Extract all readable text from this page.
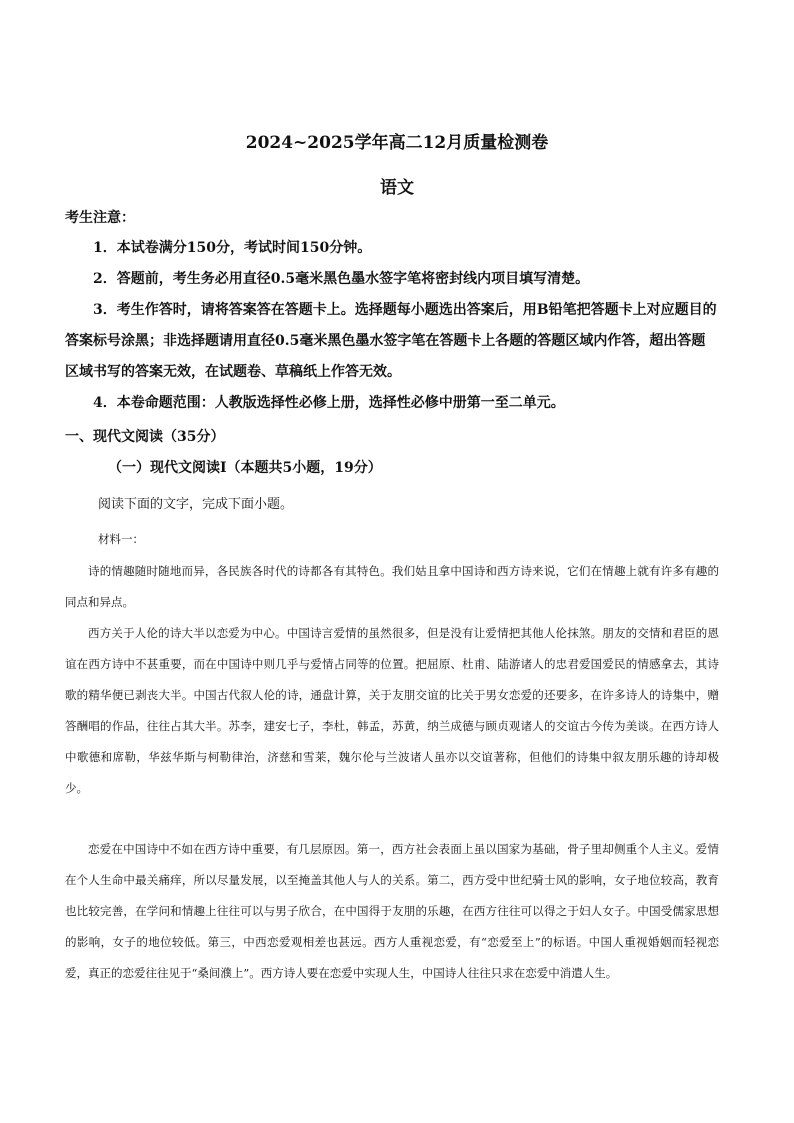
2024~2025学年高二12月质量检测卷
语文
考生注意：

1．本试卷满分150分，考试时间150分钟。

2．答题前，考生务必用直径0.5毫米黑色墨水签字笔将密封线内项目填写清楚。

3．考生作答时，请将答案答在答题卡上。选择题每小题选出答案后，用B铅笔把答题卡上对应题目的答案标号涂黑；非选择题请用直径0.5毫米黑色墨水签字笔在答题卡上各题的答题区域内作答，超出答题区域书写的答案无效，在试题卷、草稿纸上作答无效。

4．本卷命题范围：人教版选择性必修上册，选择性必修中册第一至二单元。

一、现代文阅读（35分）
（一）现代文阅读Ⅰ（本题共5小题，19分）
阅读下面的文字，完成下面小题。
材料一：

诗的情趣随时随地而异，各民族各时代的诗都各有其特色。我们姑且拿中国诗和西方诗来说，它们在情趣上就有许多有趣的同点和异点。

西方关于人伦的诗大半以恋爱为中心。中国诗言爱情的虽然很多，但是没有让爱情把其他人伦抹煞。朋友的交情和君臣的恩谊在西方诗中不甚重要，而在中国诗中则几乎与爱情占同等的位置。把屈原、杜甫、陆游诸人的忠君爱国爱民的情感拿去，其诗歌的精华便已剥丧大半。中国古代叙人伦的诗，通盘计算，关于友朋交谊的比关于男女恋爱的还要多，在许多诗人的诗集中，赠答酬唱的作品，往往占其大半。苏李，建安七子，李杜，韩孟，苏黄，纳兰成德与顾贞观诸人的交谊古今传为美谈。在西方诗人中歌德和席勒，华兹华斯与柯勒律治，济慈和雪莱，魏尔伦与兰波诸人虽亦以交谊著称，但他们的诗集中叙友朋乐趣的诗却极少。

恋爱在中国诗中不如在西方诗中重要，有几层原因。第一，西方社会表面上虽以国家为基础，骨子里却侧重个人主义。爱情在个人生命中最关痛痒，所以尽量发展，以至掩盖其他人与人的关系。第二，西方受中世纪骑士风的影响，女子地位较高，教育也比较完善，在学问和情趣上往往可以与男子欣合，在中国得于友朋的乐趣，在西方往往可以得之于妇人女子。中国受儒家思想的影响，女子的地位较低。第三，中西恋爱观相差也甚远。西方人重视恋爱，有“恋爱至上”的标语。中国人重视婚姻而轻视恋爱，真正的恋爱往往见于“桑间濮上”。西方诗人要在恋爱中实现人生，中国诗人往往只求在恋爱中消遣人生。
